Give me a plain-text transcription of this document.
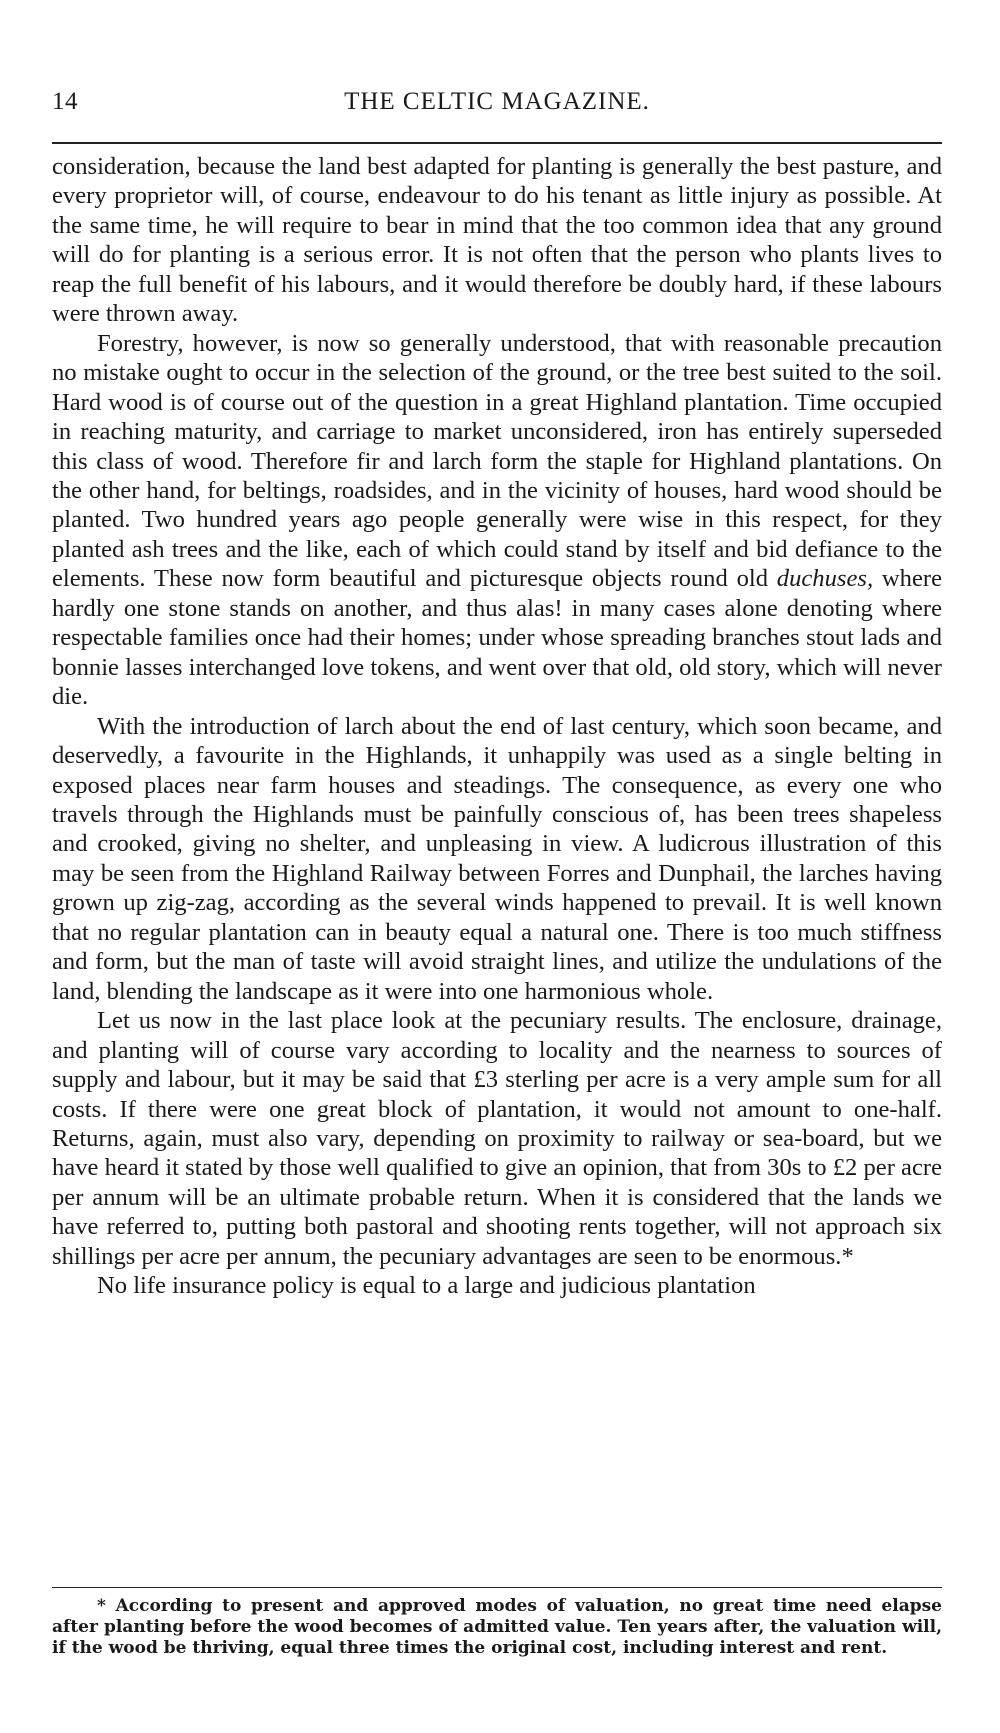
14	THE CELTIC MAGAZINE.

consideration, because the land best adapted for planting is generally the best pasture, and every proprietor will, of course, endeavour to do his tenant as little injury as possible. At the same time, he will require to bear in mind that the too common idea that any ground will do for planting is a serious error. It is not often that the person who plants lives to reap the full benefit of his labours, and it would therefore be doubly hard, if these labours were thrown away.

Forestry, however, is now so generally understood, that with reasonable precaution no mistake ought to occur in the selection of the ground, or the tree best suited to the soil. Hard wood is of course out of the question in a great Highland plantation. Time occupied in reaching maturity, and carriage to market unconsidered, iron has entirely superseded this class of wood. Therefore fir and larch form the staple for Highland plantations. On the other hand, for beltings, roadsides, and in the vicinity of houses, hard wood should be planted. Two hundred years ago people generally were wise in this respect, for they planted ash trees and the like, each of which could stand by itself and bid defiance to the elements. These now form beautiful and picturesque objects round old duchuses, where hardly one stone stands on another, and thus alas! in many cases alone denoting where respectable families once had their homes; under whose spreading branches stout lads and bonnie lasses interchanged love tokens, and went over that old, old story, which will never die.

With the introduction of larch about the end of last century, which soon became, and deservedly, a favourite in the Highlands, it unhappily was used as a single belting in exposed places near farm houses and steadings. The consequence, as every one who travels through the Highlands must be painfully conscious of, has been trees shapeless and crooked, giving no shelter, and unpleasing in view. A ludicrous illustration of this may be seen from the Highland Railway between Forres and Dunphail, the larches having grown up zig-zag, according as the several winds happened to prevail. It is well known that no regular plantation can in beauty equal a natural one. There is too much stiffness and form, but the man of taste will avoid straight lines, and utilize the undulations of the land, blending the landscape as it were into one harmonious whole.

Let us now in the last place look at the pecuniary results. The enclosure, drainage, and planting will of course vary according to locality and the nearness to sources of supply and labour, but it may be said that £3 sterling per acre is a very ample sum for all costs. If there were one great block of plantation, it would not amount to one-half. Returns, again, must also vary, depending on proximity to railway or sea-board, but we have heard it stated by those well qualified to give an opinion, that from 30s to £2 per acre per annum will be an ultimate probable return. When it is considered that the lands we have referred to, putting both pastoral and shooting rents together, will not approach six shillings per acre per annum, the pecuniary advantages are seen to be enormous.*

No life insurance policy is equal to a large and judicious plantation

* According to present and approved modes of valuation, no great time need elapse after planting before the wood becomes of admitted value. Ten years after, the valuation will, if the wood be thriving, equal three times the original cost, including interest and rent.
